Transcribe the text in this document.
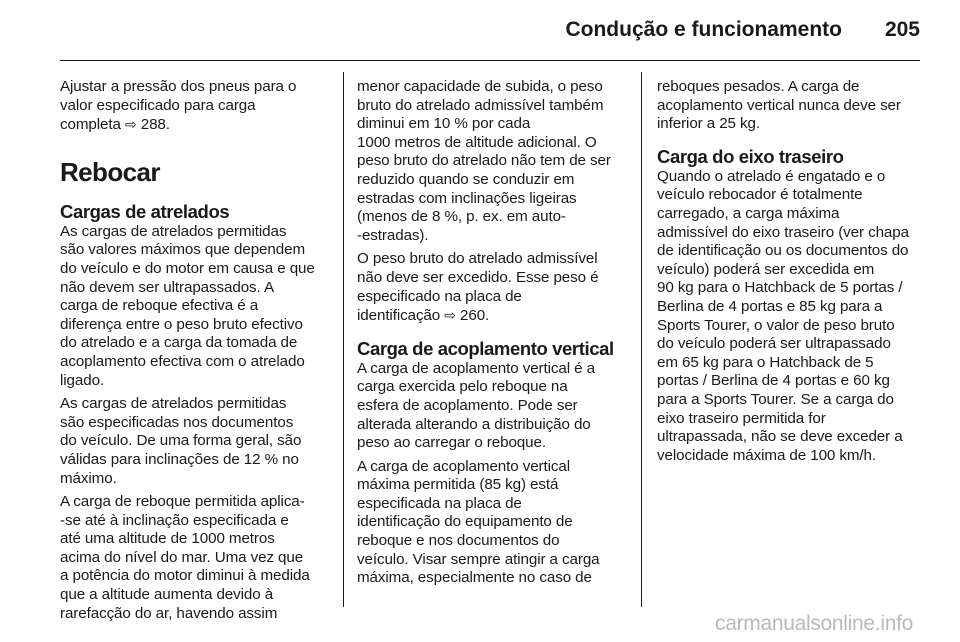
Condução e funcionamento 205

Ajustar a pressão dos pneus para o
valor especificado para carga
completa ⇨ 288.

Rebocar
Cargas de atrelados

As cargas de atrelados permitidas
são valores máximos que dependem
do veículo e do motor em causa e que
não devem ser ultrapassados. A
carga de reboque efectiva é a
diferença entre o peso bruto efectivo
do atrelado e a carga da tomada de
acoplamento efectiva com o atrelado
ligado.

As cargas de atrelados permitidas
são especificadas nos documentos
do veículo. De uma forma geral, são
válidas para inclinações de 12 % no
máximo.

A carga de reboque permitida aplica-
-se até à inclinação especificada e
até uma altitude de 1000 metros
acima do nível do mar. Uma vez que
a potência do motor diminui à medida
que a altitude aumenta devido à
rarefacção do ar, havendo assim

menor capacidade de subida, o peso
bruto do atrelado admissível também
diminui em 10 % por cada
1000 metros de altitude adicional. O
peso bruto do atrelado não tem de ser
reduzido quando se conduzir em
estradas com inclinações ligeiras
(menos de 8 %, p. ex. em auto-
-estradas).

O peso bruto do atrelado admissível
não deve ser excedido. Esse peso é
especificado na placa de
identificação ⇨ 260.

Carga de acoplamento vertical

A carga de acoplamento vertical é a
carga exercida pelo reboque na
esfera de acoplamento. Pode ser
alterada alterando a distribuição do
peso ao carregar o reboque.

A carga de acoplamento vertical
máxima permitida (85 kg) está
especificada na placa de
identificação do equipamento de
reboque e nos documentos do
veículo. Visar sempre atingir a carga
máxima, especialmente no caso de

reboques pesados. A carga de
acoplamento vertical nunca deve ser
inferior a 25 kg.

Carga do eixo traseiro

Quando o atrelado é engatado e o
veículo rebocador é totalmente
carregado, a carga máxima
admissível do eixo traseiro (ver chapa
de identificação ou os documentos do
veículo) poderá ser excedida em
90 kg para o Hatchback de 5 portas /
Berlina de 4 portas e 85 kg para a
Sports Tourer, o valor de peso bruto
do veículo poderá ser ultrapassado
em 65 kg para o Hatchback de 5
portas / Berlina de 4 portas e 60 kg
para a Sports Tourer. Se a carga do
eixo traseiro permitida for
ultrapassada, não se deve exceder a
velocidade máxima de 100 km/h.

carmanualsonline.info
